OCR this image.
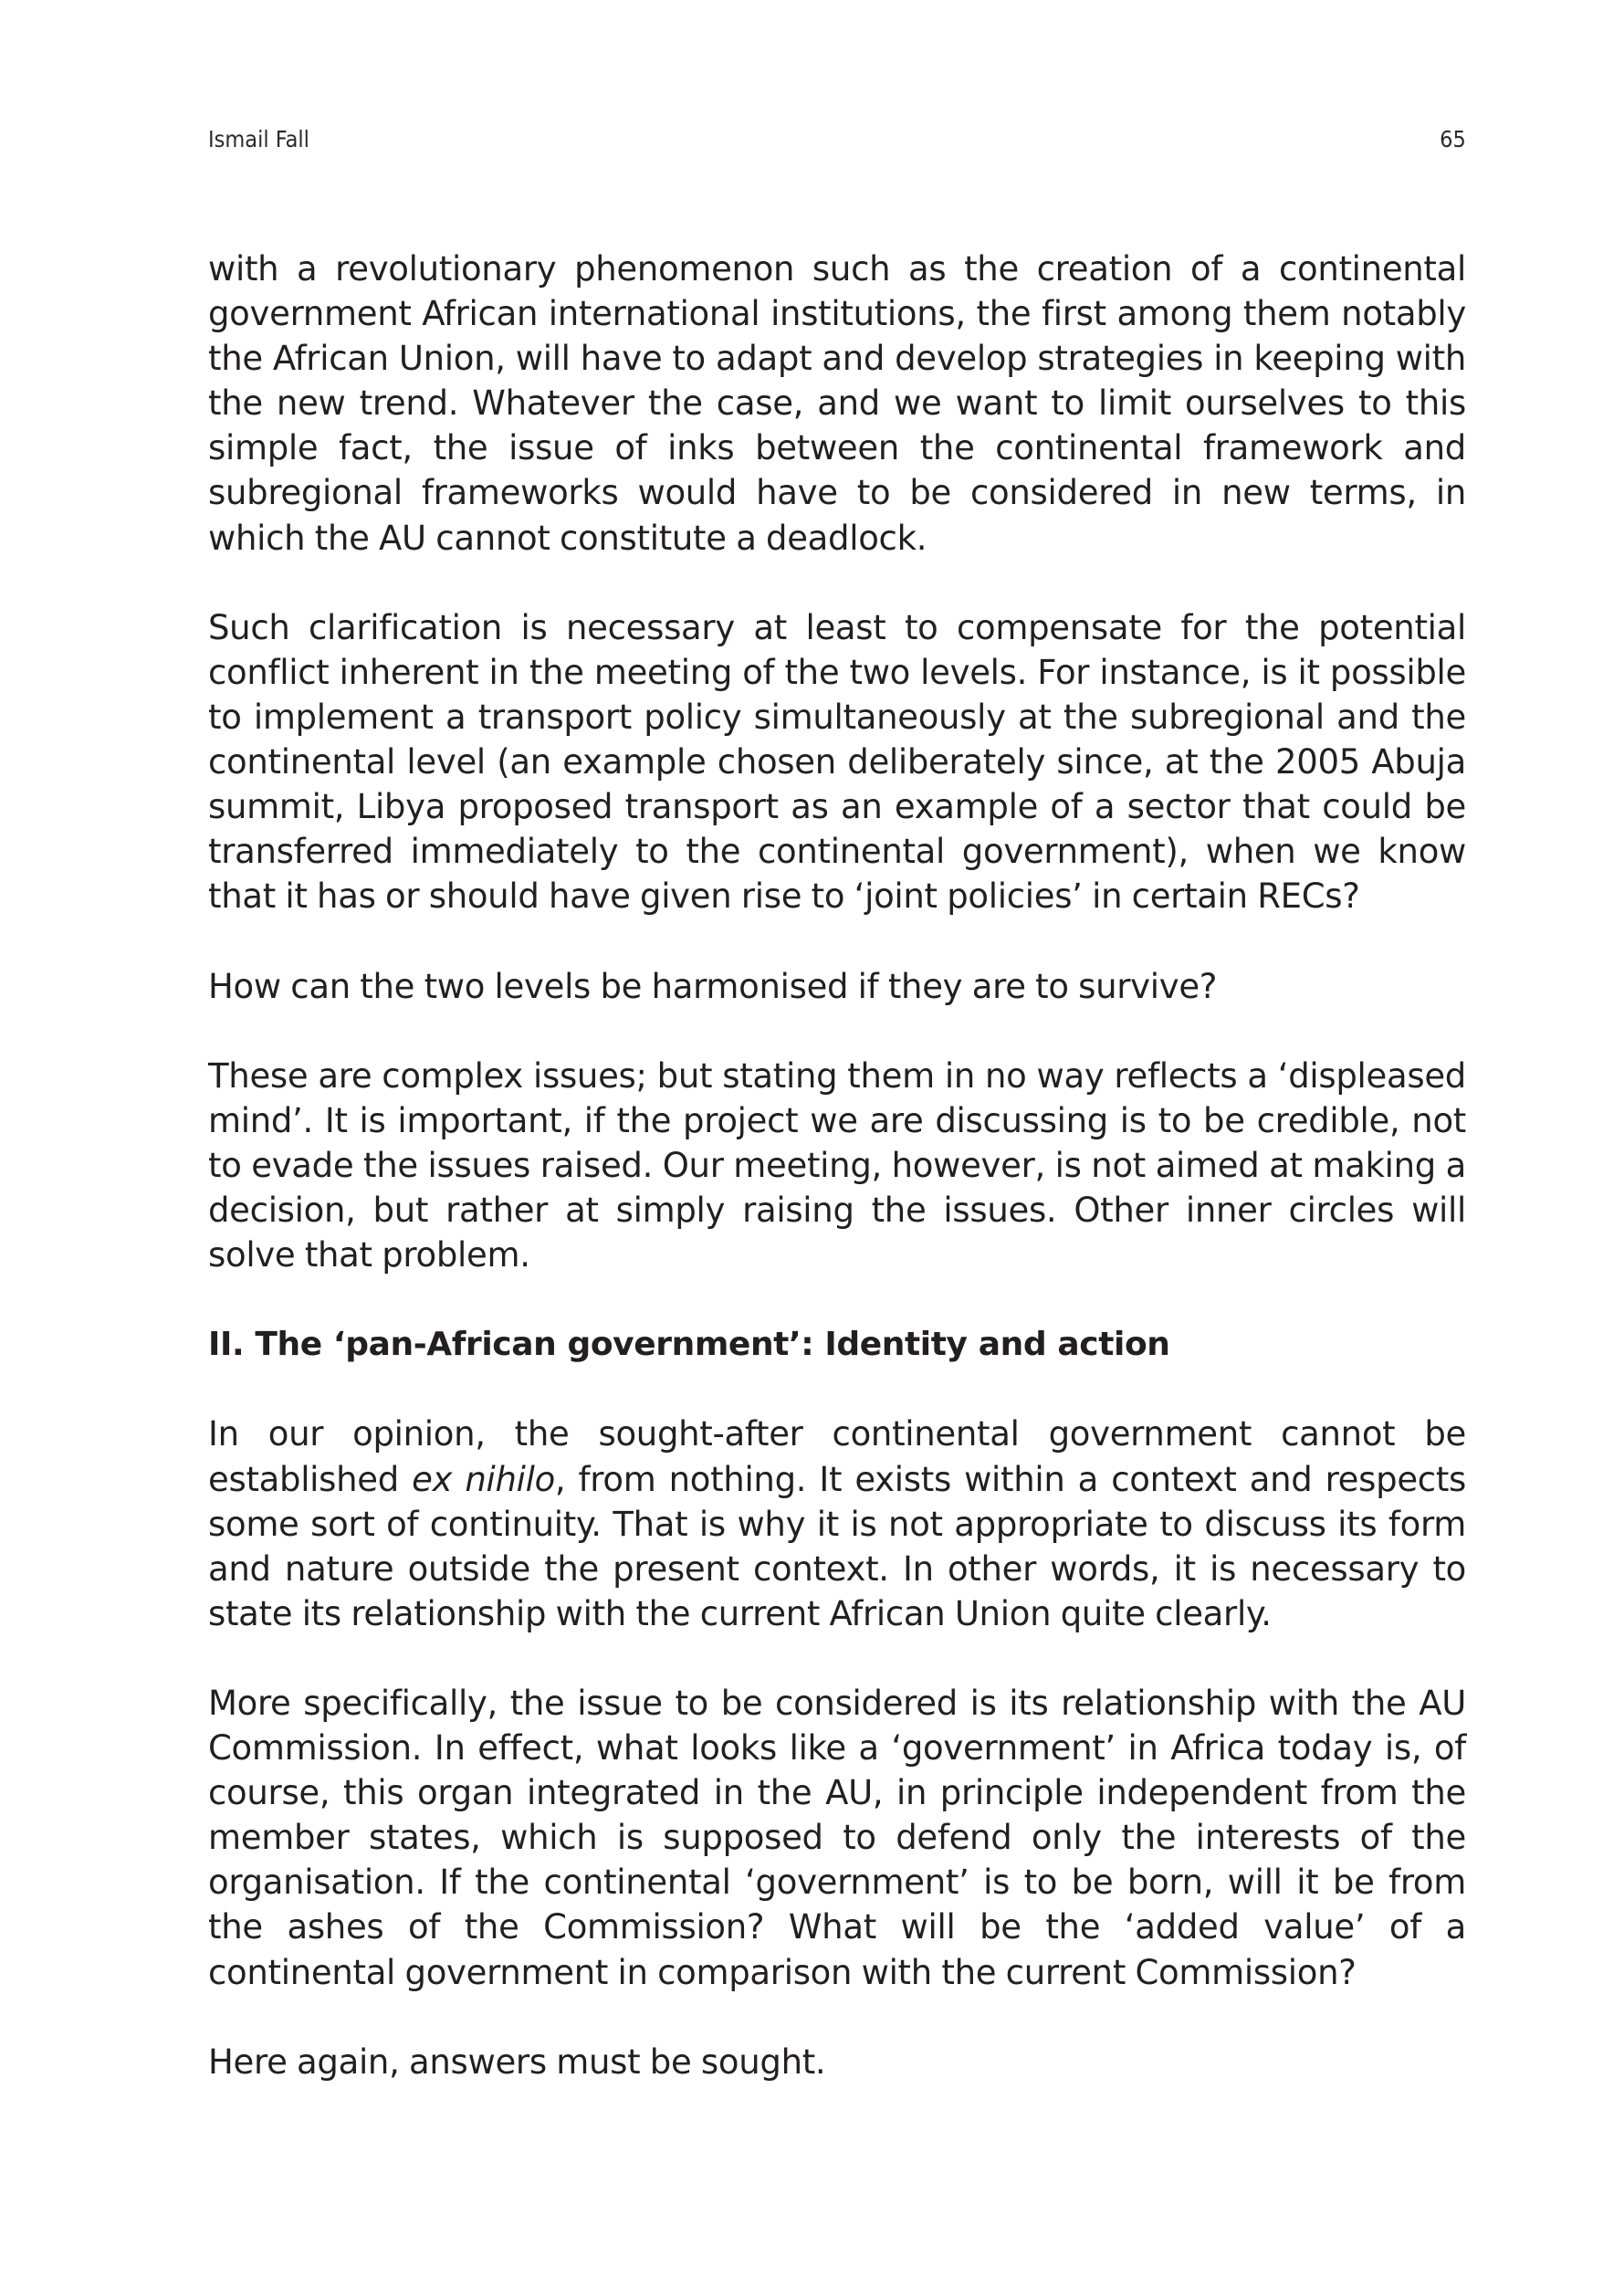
Ismail Fall	65

with a revolutionary phenomenon such as the creation of a continental government African international institutions, the first among them notably the African Union, will have to adapt and develop strategies in keeping with the new trend. Whatever the case, and we want to limit ourselves to this simple fact, the issue of inks between the continental framework and subregional frameworks would have to be considered in new terms, in which the AU cannot constitute a deadlock.

Such clarification is necessary at least to compensate for the potential conflict inherent in the meeting of the two levels. For instance, is it possible to implement a transport policy simultaneously at the subregional and the continental level (an example chosen deliberately since, at the 2005 Abuja summit, Libya proposed transport as an example of a sector that could be transferred immediately to the continental government), when we know that it has or should have given rise to ‘joint policies’ in certain RECs?

How can the two levels be harmonised if they are to survive?

These are complex issues; but stating them in no way reflects a ‘displeased mind’. It is important, if the project we are discussing is to be credible, not to evade the issues raised. Our meeting, however, is not aimed at making a decision, but rather at simply raising the issues. Other inner circles will solve that problem.

II. The ‘pan-African government’: Identity and action

In our opinion, the sought-after continental government cannot be established ex nihilo, from nothing. It exists within a context and respects some sort of continuity. That is why it is not appropriate to discuss its form and nature outside the present context. In other words, it is necessary to state its relationship with the current African Union quite clearly.

More specifically, the issue to be considered is its relationship with the AU Commission. In effect, what looks like a ‘government’ in Africa today is, of course, this organ integrated in the AU, in principle independent from the member states, which is supposed to defend only the interests of the organisation. If the continental ‘government’ is to be born, will it be from the ashes of the Commission? What will be the ‘added value’ of a continental government in comparison with the current Commission?

Here again, answers must be sought.
